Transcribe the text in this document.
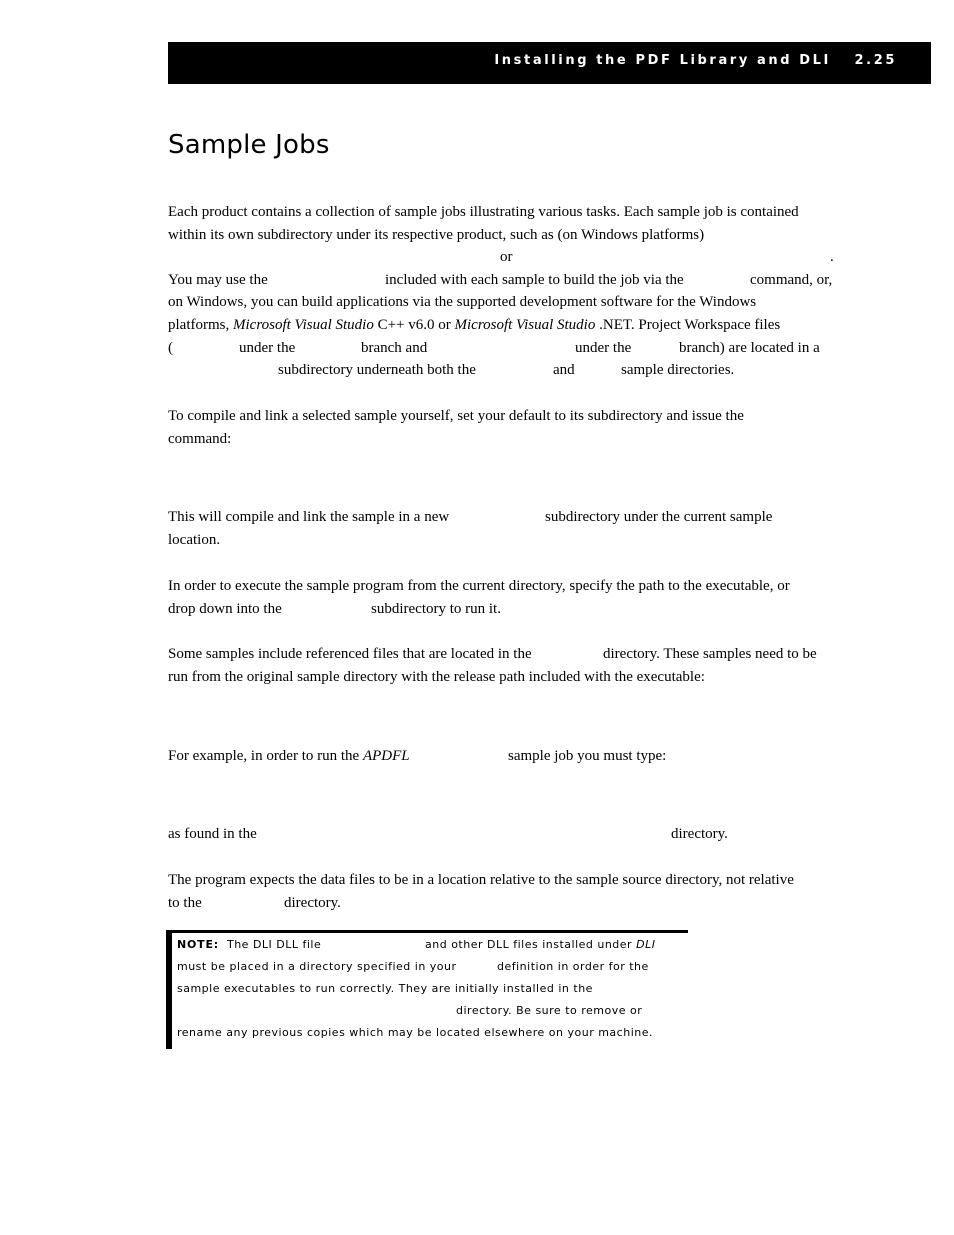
Installing the PDF Library and DLI 2.25
Sample Jobs
Each product contains a collection of sample jobs illustrating various tasks. Each sample job is contained
within its own subdirectory under its respective product, such as (on Windows platforms)
or	.
You may use the	included with each sample to build the job via the	command, or,
on Windows, you can build applications via the supported development software for the Windows
platforms, Microsoft Visual Studio C++ v6.0 or Microsoft Visual Studio .NET. Project Workspace files
(	under the	branch and	under the	branch) are located in a
subdirectory underneath both the	and	sample directories.
To compile and link a selected sample yourself, set your default to its subdirectory and issue the
command:
This will compile and link the sample in a new	subdirectory under the current sample
location.
In order to execute the sample program from the current directory, specify the path to the executable, or
drop down into the	subdirectory to run it.
Some samples include referenced files that are located in the	directory. These samples need to be
run from the original sample directory with the release path included with the executable:
For example, in order to run the APDFL	sample job you must type:
as found in the	directory.
The program expects the data files to be in a location relative to the sample source directory, not relative
to the	directory.
NOTE: The DLI DLL file	and other DLL files installed under DLI
must be placed in a directory specified in your	definition in order for the
sample executables to run correctly. They are initially installed in the
directory. Be sure to remove or
rename any previous copies which may be located elsewhere on your machine.
